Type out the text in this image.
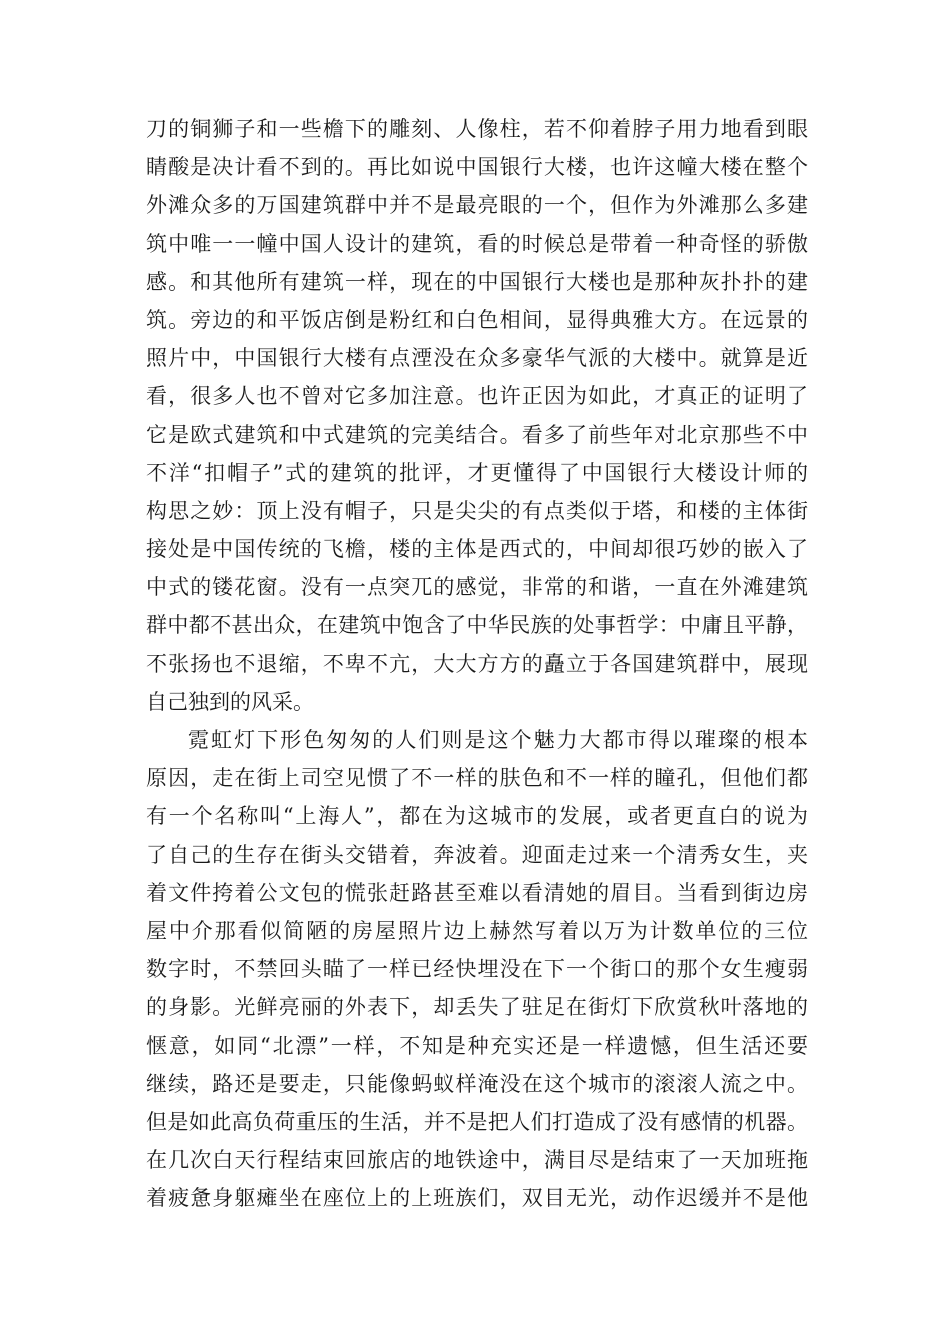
刀的铜狮子和一些檐下的雕刻、人像柱，若不仰着脖子用力地看到眼
睛酸是决计看不到的。再比如说中国银行大楼，也许这幢大楼在整个
外滩众多的万国建筑群中并不是最亮眼的一个，但作为外滩那么多建
筑中唯一一幢中国人设计的建筑，看的时候总是带着一种奇怪的骄傲
感。和其他所有建筑一样，现在的中国银行大楼也是那种灰扑扑的建
筑。旁边的和平饭店倒是粉红和白色相间，显得典雅大方。在远景的
照片中，中国银行大楼有点湮没在众多豪华气派的大楼中。就算是近
看，很多人也不曾对它多加注意。也许正因为如此，才真正的证明了
它是欧式建筑和中式建筑的完美结合。看多了前些年对北京那些不中
不洋“扣帽子”式的建筑的批评，才更懂得了中国银行大楼设计师的
构思之妙：顶上没有帽子，只是尖尖的有点类似于塔，和楼的主体街
接处是中国传统的飞檐，楼的主体是西式的，中间却很巧妙的嵌入了
中式的镂花窗。没有一点突兀的感觉，非常的和谐，一直在外滩建筑
群中都不甚出众，在建筑中饱含了中华民族的处事哲学：中庸且平静，
不张扬也不退缩，不卑不亢，大大方方的矗立于各国建筑群中，展现
自己独到的风采。
霓虹灯下形色匆匆的人们则是这个魅力大都市得以璀璨的根本
原因，走在街上司空见惯了不一样的肤色和不一样的瞳孔，但他们都
有一个名称叫“上海人”，都在为这城市的发展，或者更直白的说为
了自己的生存在街头交错着，奔波着。迎面走过来一个清秀女生，夹
着文件挎着公文包的慌张赶路甚至难以看清她的眉目。当看到街边房
屋中介那看似简陋的房屋照片边上赫然写着以万为计数单位的三位
数字时，不禁回头瞄了一样已经快埋没在下一个街口的那个女生瘦弱
的身影。光鲜亮丽的外表下，却丢失了驻足在街灯下欣赏秋叶落地的
惬意，如同“北漂”一样，不知是种充实还是一样遗憾，但生活还要
继续，路还是要走，只能像蚂蚁样淹没在这个城市的滚滚人流之中。
但是如此高负荷重压的生活，并不是把人们打造成了没有感情的机器。
在几次白天行程结束回旅店的地铁途中，满目尽是结束了一天加班拖
着疲惫身躯瘫坐在座位上的上班族们，双目无光，动作迟缓并不是他
